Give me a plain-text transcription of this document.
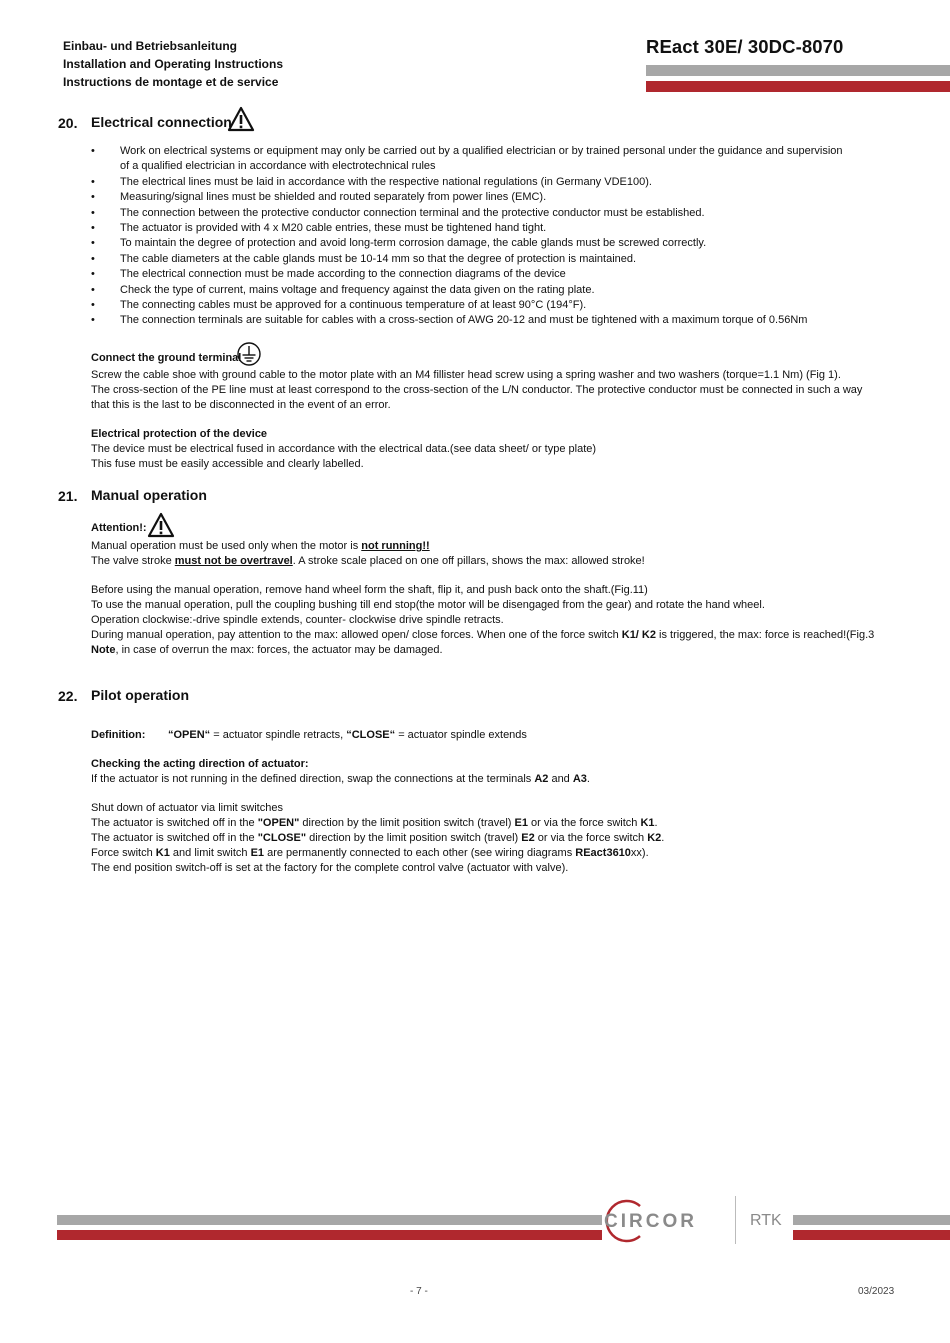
Einbau- und Betriebsanleitung
Installation and Operating Instructions
Instructions de montage et de service
REact 30E/ 30DC-8070
20. Electrical connection
• Work on electrical systems or equipment may only be carried out by a qualified electrician or by trained personal under the guidance and supervision
of a qualified electrician in accordance with electrotechnical rules
• The electrical lines must be laid in accordance with the respective national regulations (in Germany VDE100).
• Measuring/signal lines must be shielded and routed separately from power lines (EMC).
• The connection between the protective conductor connection terminal and the protective conductor must be established.
• The actuator is provided with 4 x M20 cable entries, these must be tightened hand tight.
• To maintain the degree of protection and avoid long-term corrosion damage, the cable glands must be screwed correctly.
• The cable diameters at the cable glands must be 10-14 mm so that the degree of protection is maintained.
• The electrical connection must be made according to the connection diagrams of the device
• Check the type of current, mains voltage and frequency against the data given on the rating plate.
• The connecting cables must be approved for a continuous temperature of at least 90°C (194°F).
• The connection terminals are suitable for cables with a cross-section of AWG 20-12 and must be tightened with a maximum torque of 0.56Nm
Connect the ground terminal
Screw the cable shoe with ground cable to the motor plate with an M4 fillister head screw using a spring washer and two washers (torque=1.1 Nm) (Fig 1).
The cross-section of the PE line must at least correspond to the cross-section of the L/N conductor. The protective conductor must be connected in such a way
that this is the last to be disconnected in the event of an error.
Electrical protection of the device
The device must be electrical fused in accordance with the electrical data.(see data sheet/ or type plate)
This fuse must be easily accessible and clearly labelled.
21. Manual operation
Attention!:
Manual operation must be used only when the motor is not running!!
The valve stroke must not be overtravel. A stroke scale placed on one off pillars, shows the max: allowed stroke!
Before using the manual operation, remove hand wheel form the shaft, flip it, and push back onto the shaft.(Fig.11)
To use the manual operation, pull the coupling bushing till end stop(the motor will be disengaged from the gear) and rotate the hand wheel.
Operation clockwise:-drive spindle extends, counter- clockwise drive spindle retracts.
During manual operation, pay attention to the max: allowed open/ close forces. When one of the force switch K1/ K2 is triggered, the max: force is reached!(Fig.3
Note, in case of overrun the max: forces, the actuator may be damaged.
22. Pilot operation
Definition: “OPEN“ = actuator spindle retracts, “CLOSE“ = actuator spindle extends
Checking the acting direction of actuator:
If the actuator is not running in the defined direction, swap the connections at the terminals A2 and A3.
Shut down of actuator via limit switches
The actuator is switched off in the "OPEN" direction by the limit position switch (travel) E1 or via the force switch K1.
The actuator is switched off in the "CLOSE" direction by the limit position switch (travel) E2 or via the force switch K2.
Force switch K1 and limit switch E1 are permanently connected to each other (see wiring diagrams REact3610xx).
The end position switch-off is set at the factory for the complete control valve (actuator with valve).
CIRCOR	RTK
- 7 -	03/2023
